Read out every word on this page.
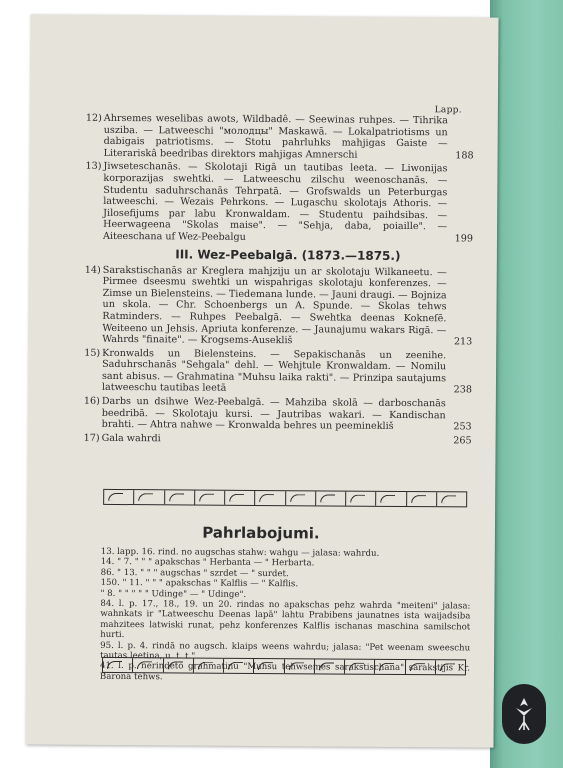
Lapp.
12) Ahrsemes weselibas awots, Wildbadê. — Seewinas ruhpes. — Tihrika usziba. — Latweeschi "молодцы" Maskawā. — Lokalpatriotisms un dabigais patriotisms. — Stotu pahrluhks mahjigas Gaiste — Literariskâ beedribas direktors mahjigas Amnerschi	188
13) Jiwseteschanās. — Skolotaji Rigā un tautibas leeta. — Liwonijas korporazijas swehtki. — Latweeschu zilschu weenoschanās. — Studentu saduhrschanās Tehrpatā. — Grofswalds un Peterburgas latweeschi. — Wezais Pehrkons. — Lugaschu skolotajs Athoris. — Jilosefijums par labu Kronwaldam. — Studentu paihdsibas. — Heerwageena "Skolas maise". — "Sehja, daba, poiaille". — Aiteeschana uf Wez-Peebalgu	199
III. Wez-Peebalgā. (1873.—1875.)
14) Sarakstischanās ar Kreglera mahjziju un ar skolotaju Wilkaneetu. — Pirmee dseesmu swehtki un wispahrigas skolotaju konferenzes. — Zimse un Bielensteins. — Tiedemana lunde. — Jauni draugi. — Bojniza un skola. — Chr. Schoenbergs un A. Spunde. — Skolas tehws Ratminders. — Ruhpes Peebalgā. — Swehtka deenas Kokneſē. Weiteeno un Jehsis. Apriuta konferenze. — Jaunajumu wakars Rigā. — Wahrds "finaite". — Krogsems-Ausekliš	213
15) Kronwalds un Bielensteins. — Sepakischanās un zeenihe. Saduhrschanās "Sehgala" dehl. — Wehjtule Kronwaldam. — Nomilu sant abisus. — Grahmatina "Muhsu laika rakti". — Prinzipa sautajums latweeschu tautibas leetā	238
16) Darbs un dsihwe Wez-Peebalgā. — Mahziba skolā — darboschanās beedribā. — Skolotaju kursi. — Jautribas wakari. — Kandischan brahti. — Ahtra nahwe — Kronwalda behres un peeminekliš	253
17) Gala wahrdi	265
Pahrlabojumi.
13. lapp. 16. rind. no augschas stahw: wahgu — jalasa: wahrdu.
14. " 7. " " " apakschas " Herbanta — " Herbarta.
86. " 13. " " " augschas " szrdet — " surdet.
150. " 11. " " " apakschas " Kalflis — " Kalflis.
" 8. " " " " " Udinge" — " Udinge".
84. l. p. 17., 18., 19. un 20. rindas no apakschas pehz wahrda "meiteni" jalasa: wahnkats ir "Latweeschu Deenas lapā" lahtu Prabibens jaunatnes ista waijadsiba mahzitees latwiski runat, pehz konferenzes Kalflis ischanas maschina samilschot hurti.
95. l. p. 4. rindā no augsch. klaips weens wahrdu; jalasa: "Pet weenam sweeschu tautas leetina, u. t. t."
41. l. p. nerindeto grahmatinu "Muhsu tehwsemes sarakstischana" sarakstijis Kr. Barona tehws.
